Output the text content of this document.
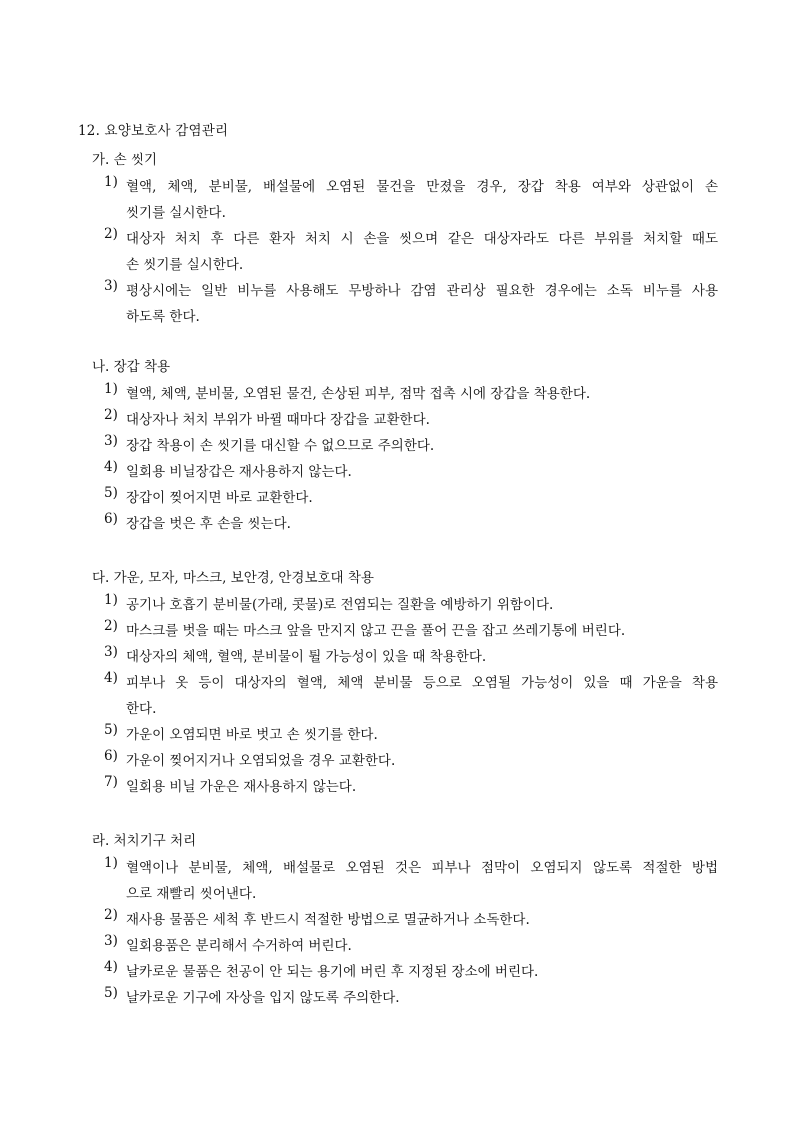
12. 요양보호사 감염관리
가. 손 씻기
1) 혈액, 체액, 분비물, 배설물에 오염된 물건을 만졌을 경우, 장갑 착용 여부와 상관없이 손
씻기를 실시한다.
2) 대상자 처치 후 다른 환자 처치 시 손을 씻으며 같은 대상자라도 다른 부위를 처치할 때도
손 씻기를 실시한다.
3) 평상시에는 일반 비누를 사용해도 무방하나 감염 관리상 필요한 경우에는 소독 비누를 사용
하도록 한다.
나. 장갑 착용
1) 혈액, 체액, 분비물, 오염된 물건, 손상된 피부, 점막 접촉 시에 장갑을 착용한다.
2) 대상자나 처치 부위가 바뀔 때마다 장갑을 교환한다.
3) 장갑 착용이 손 씻기를 대신할 수 없으므로 주의한다.
4) 일회용 비닐장갑은 재사용하지 않는다.
5) 장갑이 찢어지면 바로 교환한다.
6) 장갑을 벗은 후 손을 씻는다.
다. 가운, 모자, 마스크, 보안경, 안경보호대 착용
1) 공기나 호흡기 분비물(가래, 콧물)로 전염되는 질환을 예방하기 위함이다.
2) 마스크를 벗을 때는 마스크 앞을 만지지 않고 끈을 풀어 끈을 잡고 쓰레기통에 버린다.
3) 대상자의 체액, 혈액, 분비물이 튈 가능성이 있을 때 착용한다.
4) 피부나 옷 등이 대상자의 혈액, 체액 분비물 등으로 오염될 가능성이 있을 때 가운을 착용
한다.
5) 가운이 오염되면 바로 벗고 손 씻기를 한다.
6) 가운이 찢어지거나 오염되었을 경우 교환한다.
7) 일회용 비닐 가운은 재사용하지 않는다.
라. 처치기구 처리
1) 혈액이나 분비물, 체액, 배설물로 오염된 것은 피부나 점막이 오염되지 않도록 적절한 방법
으로 재빨리 씻어낸다.
2) 재사용 물품은 세척 후 반드시 적절한 방법으로 멸균하거나 소독한다.
3) 일회용품은 분리해서 수거하여 버린다.
4) 날카로운 물품은 천공이 안 되는 용기에 버린 후 지정된 장소에 버린다.
5) 날카로운 기구에 자상을 입지 않도록 주의한다.
